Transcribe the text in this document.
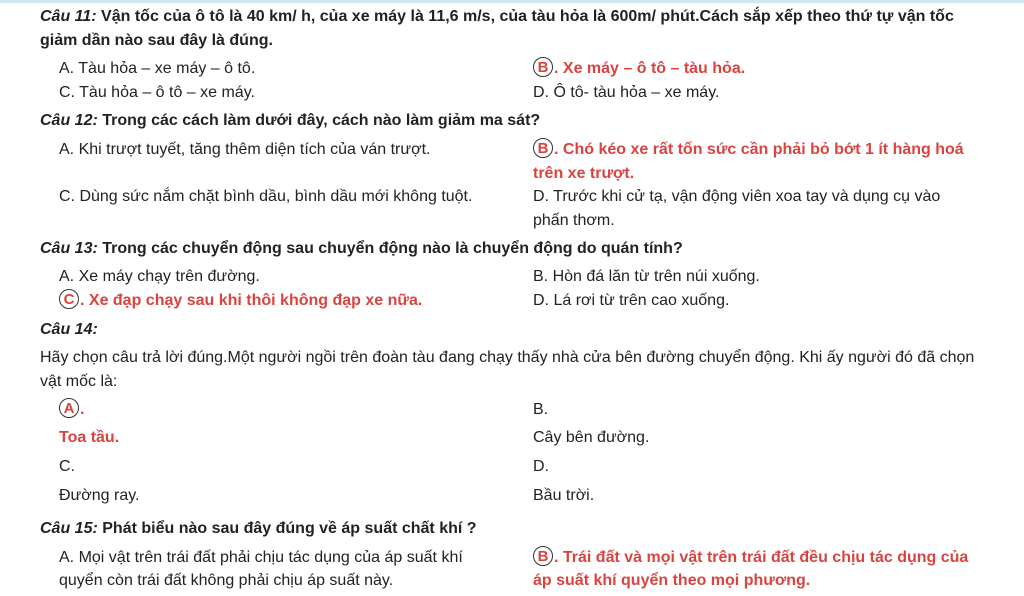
Câu 11: Vận tốc của ô tô là 40 km/ h, của xe máy là 11,6 m/s, của tàu hỏa là 600m/ phút.Cách sắp xếp theo thứ tự vận tốc
giảm dần nào sau đây là đúng.
A. Tàu hỏa – xe máy – ô tô.	B . Xe máy – ô tô – tàu hỏa.
C. Tàu hỏa – ô tô – xe máy.	D. Ô tô- tàu hỏa – xe máy.
Câu 12: Trong các cách làm dưới đây, cách nào làm giảm ma sát?
A. Khi trượt tuyết, tăng thêm diện tích của ván trượt.	B . Chó kéo xe rất tốn sức cần phải bỏ bớt 1 ít hàng hoá
trên xe trượt.
C. Dùng sức nắm chặt bình dầu, bình dầu mới không tuột.	D. Trước khi cử tạ, vận động viên xoa tay và dụng cụ vào
phấn thơm.
Câu 13: Trong các chuyển động sau chuyển động nào là chuyển động do quán tính?
A. Xe máy chạy trên đường.	B. Hòn đá lăn từ trên núi xuống.
C . Xe đạp chạy sau khi thôi không đạp xe nữa.	D. Lá rơi từ trên cao xuống.
Câu 14:
Hãy chọn câu trả lời đúng.Một người ngồi trên đoàn tàu đang chạy thấy nhà cửa bên đường chuyển động. Khi ấy người đó đã chọn
vật mốc là:
A .	B.
Toa tầu.	Cây bên đường.
C.	D.
Đường ray.	Bầu trời.
Câu 15: Phát biểu nào sau đây đúng về áp suất chất khí ?
A. Mọi vật trên trái đất phải chịu tác dụng của áp suất khí
quyển còn trái đất không phải chịu áp suất này.
B . Trái đất và mọi vật trên trái đất đều chịu tác dụng của
áp suất khí quyển theo mọi phương.
